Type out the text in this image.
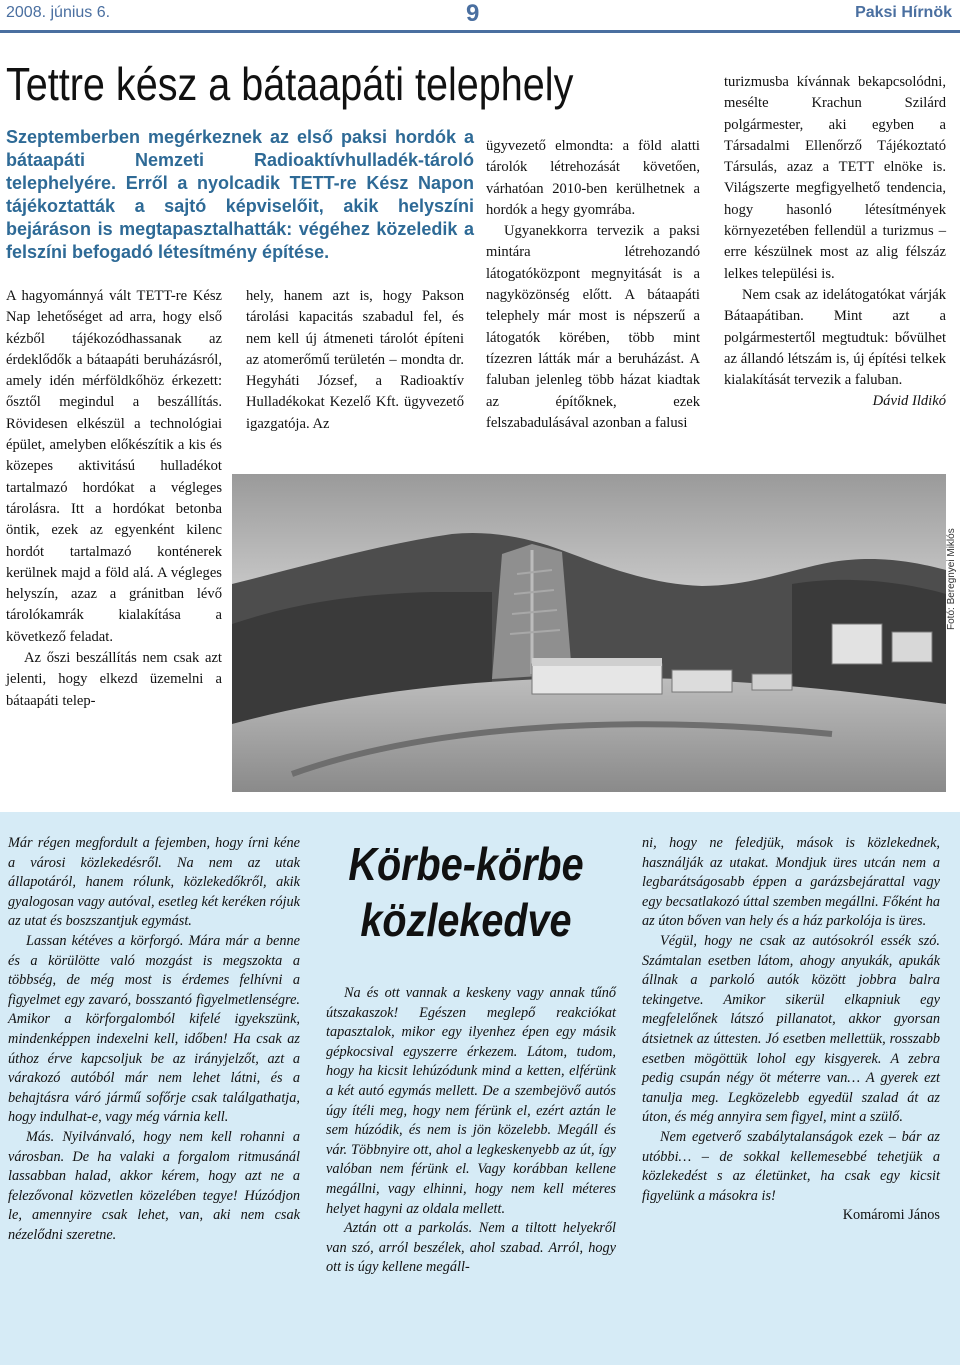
2008. június 6.	9	Paksi Hírnök
Tettre kész a bátaapáti telephely
Szeptemberben megérkeznek az első paksi hordók a bátaapáti Nemzeti Radioaktívhulladék-tároló telephelyére. Erről a nyolcadik TETT-re Kész Napon tájékoztatták a sajtó képviselőit, akik helyszíni bejáráson is megtapasztalhatták: végéhez közeledik a felszíni befogadó létesítmény építése.

A hagyománnyá vált TETT-re Kész Nap lehetőséget ad arra, hogy első kézből tájékozódhassanak az érdeklődők a bátaapáti beruházásról, amely idén mérföldkőhöz érkezett: ősztől megindul a beszállítás. Rövidesen elkészül a technológiai épület, amelyben előkészítik a kis és közepes aktivitású hulladékot tartalmazó hordókat a végleges tárolásra. Itt a hordókat betonba öntik, ezek az egyenként kilenc hordót tartalmazó konténerek kerülnek majd a föld alá. A végleges helyszín, azaz a gránitban lévő tárolókamrák kialakítása a következő feladat.

Az őszi beszállítás nem csak azt jelenti, hogy elkezd üzemelni a bátaapáti telep-

hely, hanem azt is, hogy Pakson tárolási kapacitás szabadul fel, és nem kell új átmeneti tárolót építeni az atomerőmű területén – mondta dr. Hegyháti József, a Radioaktív Hulladékokat Kezelő Kft. ügyvezető igazgatója. Az

ügyvezető elmondta: a föld alatti tárolók létrehozását követően, várhatóan 2010-ben kerülhetnek a hordók a hegy gyomrába.

Ugyanekkorra tervezik a paksi mintára létrehozandó látogatóközpont megnyitását is a nagyközönség előtt. A bátaapáti telephely már most is népszerű a látogatók körében, több mint tízezren látták már a beruházást. A faluban jelenleg több házat kiadtak az építőknek, ezek felszabadulásával azonban a falusi

turizmusba kívánnak bekapcsolódni, mesélte Krachun Szilárd polgármester, aki egyben a Társadalmi Ellenőrző Tájékoztató Társulás, azaz a TETT elnöke is. Világszerte megfigyelhető tendencia, hogy hasonló létesítmények környezetében fellendül a turizmus – erre készülnek most az alig félszáz lelkes települési is.

Nem csak az idelátogatókat várják Bátaapátiban. Mint azt a polgármestertől megtudtuk: bővülhet az állandó létszám is, új építési telkek kialakítását tervezik a faluban.

Dávid Ildikó

Fotó: Beregnyei Miklós

Már régen megfordult a fejemben, hogy írni kéne a városi közlekedésről. Na nem az utak állapotáról, hanem rólunk, közlekedőkről, akik gyalogosan vagy autóval, esetleg két keréken rójuk az utat és boszszantjuk egymást.

Lassan kétéves a körforgó. Mára már a benne és a körülötte való mozgást is megszokta a többség, de még most is érdemes felhívni a figyelmet egy zavaró, bosszantó figyelmetlenségre. Amikor a körforgalomból kifelé igyekszünk, mindenképpen indexelni kell, időben! Ha csak az úthoz érve kapcsoljuk be az irányjelzőt, azt a várakozó autóból már nem lehet látni, és a behajtásra váró jármű sofőrje csak találgathatja, hogy indulhat-e, vagy még várnia kell.

Más. Nyilvánvaló, hogy nem kell rohanni a városban. De ha valaki a forgalom ritmusánál lassabban halad, akkor kérem, hogy azt ne a felezővonal közvetlen közelében tegye! Húzódjon le, amennyire csak lehet, van, aki nem csak nézelődni szeretne.

Körbe-körbe
közlekedve

Na és ott vannak a keskeny vagy annak tűnő útszakaszok! Egészen meglepő reakciókat tapasztalok, mikor egy ilyenhez épen egy másik gépkocsival egyszerre érkezem. Látom, tudom, hogy ha kicsit lehúzódunk mind a ketten, elférünk a két autó egymás mellett. De a szembejövő autós úgy ítéli meg, hogy nem férünk el, ezért aztán le sem húzódik, és nem is jön közelebb. Megáll és vár. Többnyire ott, ahol a legkeskenyebb az út, így valóban nem férünk el. Vagy korábban kellene megállni, vagy elhinni, hogy nem kell méteres helyet hagyni az oldala mellett.

Aztán ott a parkolás. Nem a tiltott helyekről van szó, arról beszélek, ahol szabad. Arról, hogy ott is úgy kellene megáll-

ni, hogy ne feledjük, mások is közlekednek, használják az utakat. Mondjuk üres utcán nem a legbarátságosabb éppen a garázsbejárattal vagy egy becsatlakozó úttal szemben megállni. Főként ha az úton bőven van hely és a ház parkolója is üres.

Végül, hogy ne csak az autósokról essék szó. Számtalan esetben látom, ahogy anyukák, apukák állnak a parkoló autók között jobbra balra tekingetve. Amikor sikerül elkapniuk egy megfelelőnek látszó pillanatot, akkor gyorsan átsietnek az úttesten. Jó esetben mellettük, rosszabb esetben mögöttük lohol egy kisgyerek. A zebra pedig csupán négy öt méterre van… A gyerek ezt tanulja meg. Legközelebb egyedül szalad át az úton, és még annyira sem figyel, mint a szülő.

Nem egetverő szabálytalanságok ezek – bár az utóbbi… – de sokkal kellemesebbé tehetjük a közlekedést s az életünket, ha csak egy kicsit figyelünk a másokra is!

Komáromi János
